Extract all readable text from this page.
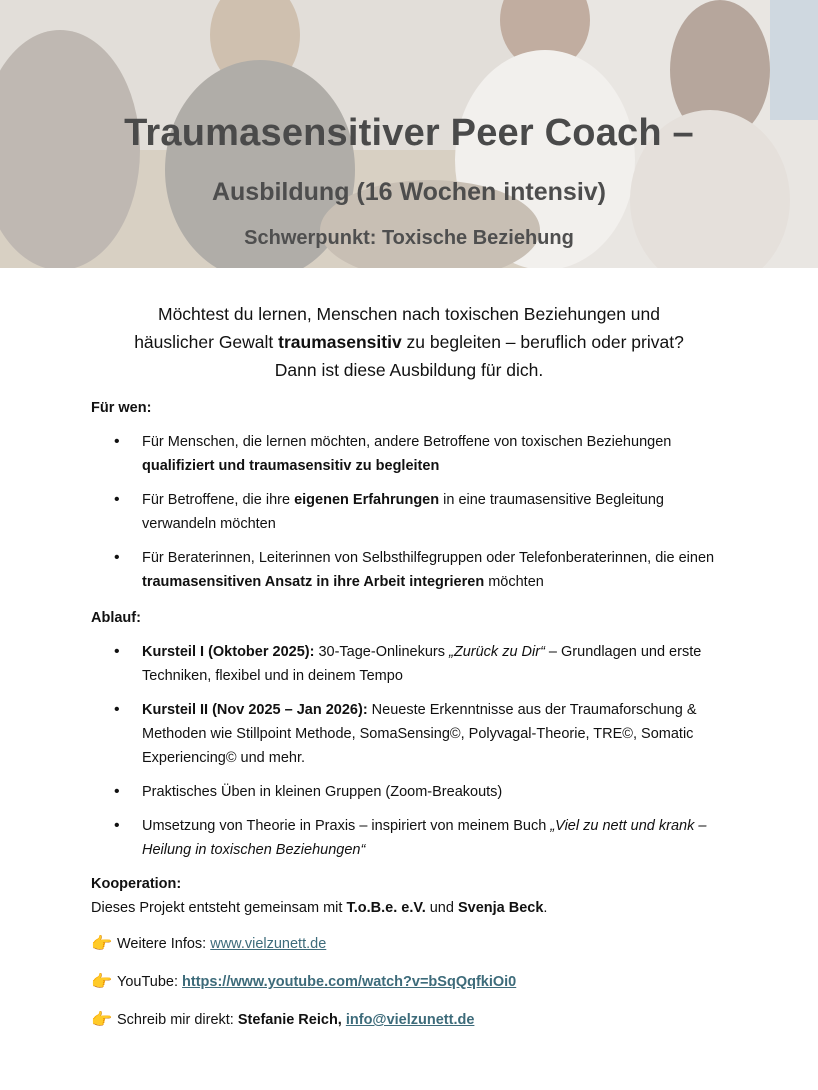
Traumasensitiver Peer Coach –
Ausbildung (16 Wochen intensiv)
Schwerpunkt: Toxische Beziehung
Möchtest du lernen, Menschen nach toxischen Beziehungen und
häuslicher Gewalt traumasensitiv zu begleiten – beruflich oder privat?
Dann ist diese Ausbildung für dich.

Für wen:

• Für Menschen, die lernen möchten, andere Betroffene von toxischen Beziehungen qualifiziert und traumasensitiv zu begleiten
• Für Betroffene, die ihre eigenen Erfahrungen in eine traumasensitive Begleitung verwandeln möchten
• Für Beraterinnen, Leiterinnen von Selbsthilfegruppen oder Telefonberaterinnen, die einen traumasensitiven Ansatz in ihre Arbeit integrieren möchten

Ablauf:

• Kursteil I (Oktober 2025): 30-Tage-Onlinekurs „Zurück zu Dir“ – Grundlagen und erste Techniken, flexibel und in deinem Tempo
• Kursteil II (Nov 2025 – Jan 2026): Neueste Erkenntnisse aus der Traumaforschung & Methoden wie Stillpoint Methode, SomaSensing©, Polyvagal-Theorie, TRE©, Somatic Experiencing© und mehr.
• Praktisches Üben in kleinen Gruppen (Zoom-Breakouts)
• Umsetzung von Theorie in Praxis – inspiriert von meinem Buch „Viel zu nett und krank – Heilung in toxischen Beziehungen“

Kooperation:

Dieses Projekt entsteht gemeinsam mit T.o.B.e. e.V. und Svenja Beck.

👉 Weitere Infos: www.vielzunett.de

👉 YouTube: https://www.youtube.com/watch?v=bSqQqfkiOi0

👉 Schreib mir direkt: Stefanie Reich, info@vielzunett.de
